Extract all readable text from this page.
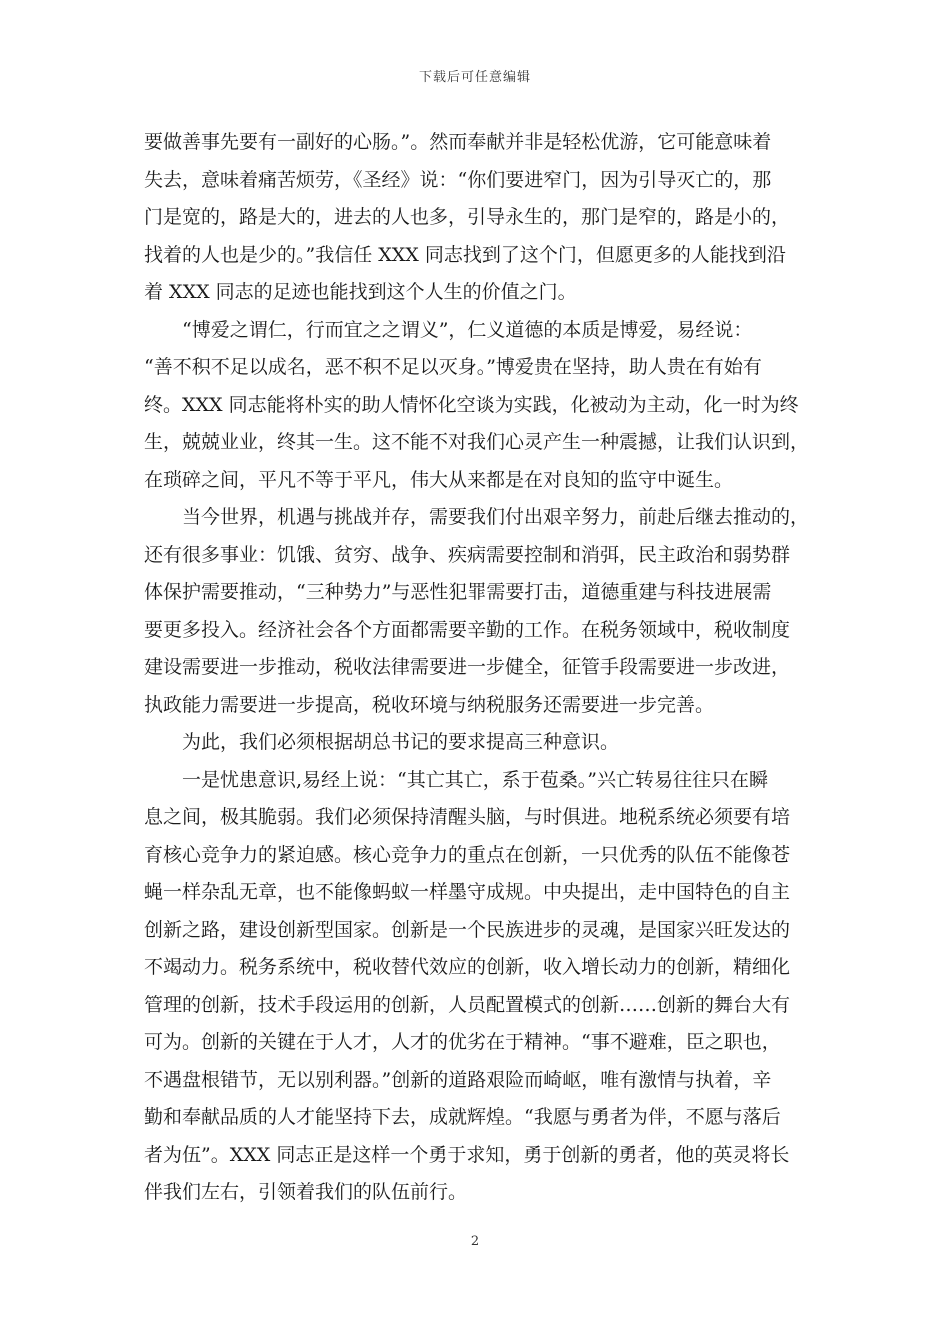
下载后可任意编辑
要做善事先要有一副好的心肠。”。然而奉献并非是轻松优游，它可能意味着
失去，意味着痛苦烦劳，《圣经》说：“你们要进窄门，因为引导灭亡的，那
门是宽的，路是大的，进去的人也多，引导永生的，那门是窄的，路是小的，
找着的人也是少的。”我信任 XXX 同志找到了这个门，但愿更多的人能找到沿
着 XXX 同志的足迹也能找到这个人生的价值之门。
“博爱之谓仁，行而宜之之谓义”，仁义道德的本质是博爱，易经说：
“善不积不足以成名，恶不积不足以灭身。”博爱贵在坚持，助人贵在有始有
终。XXX 同志能将朴实的助人情怀化空谈为实践，化被动为主动，化一时为终
生，兢兢业业，终其一生。这不能不对我们心灵产生一种震撼，让我们认识到，
在琐碎之间，平凡不等于平凡，伟大从来都是在对良知的监守中诞生。
当今世界，机遇与挑战并存，需要我们付出艰辛努力，前赴后继去推动的，
还有很多事业：饥饿、贫穷、战争、疾病需要控制和消弭，民主政治和弱势群
体保护需要推动，“三种势力”与恶性犯罪需要打击，道德重建与科技进展需
要更多投入。经济社会各个方面都需要辛勤的工作。在税务领域中，税收制度
建设需要进一步推动，税收法律需要进一步健全，征管手段需要进一步改进，
执政能力需要进一步提高，税收环境与纳税服务还需要进一步完善。
为此，我们必须根据胡总书记的要求提高三种意识。
一是忧患意识,易经上说：“其亡其亡，系于苞桑。”兴亡转易往往只在瞬
息之间，极其脆弱。我们必须保持清醒头脑，与时俱进。地税系统必须要有培
育核心竞争力的紧迫感。核心竞争力的重点在创新，一只优秀的队伍不能像苍
蝇一样杂乱无章，也不能像蚂蚁一样墨守成规。中央提出，走中国特色的自主
创新之路，建设创新型国家。创新是一个民族进步的灵魂，是国家兴旺发达的
不竭动力。税务系统中，税收替代效应的创新，收入增长动力的创新，精细化
管理的创新，技术手段运用的创新，人员配置模式的创新……创新的舞台大有
可为。创新的关键在于人才，人才的优劣在于精神。“事不避难，臣之职也，
不遇盘根错节，无以别利器。”创新的道路艰险而崎岖，唯有激情与执着，辛
勤和奉献品质的人才能坚持下去，成就辉煌。“我愿与勇者为伴，不愿与落后
者为伍”。XXX 同志正是这样一个勇于求知，勇于创新的勇者，他的英灵将长
伴我们左右，引领着我们的队伍前行。
2
